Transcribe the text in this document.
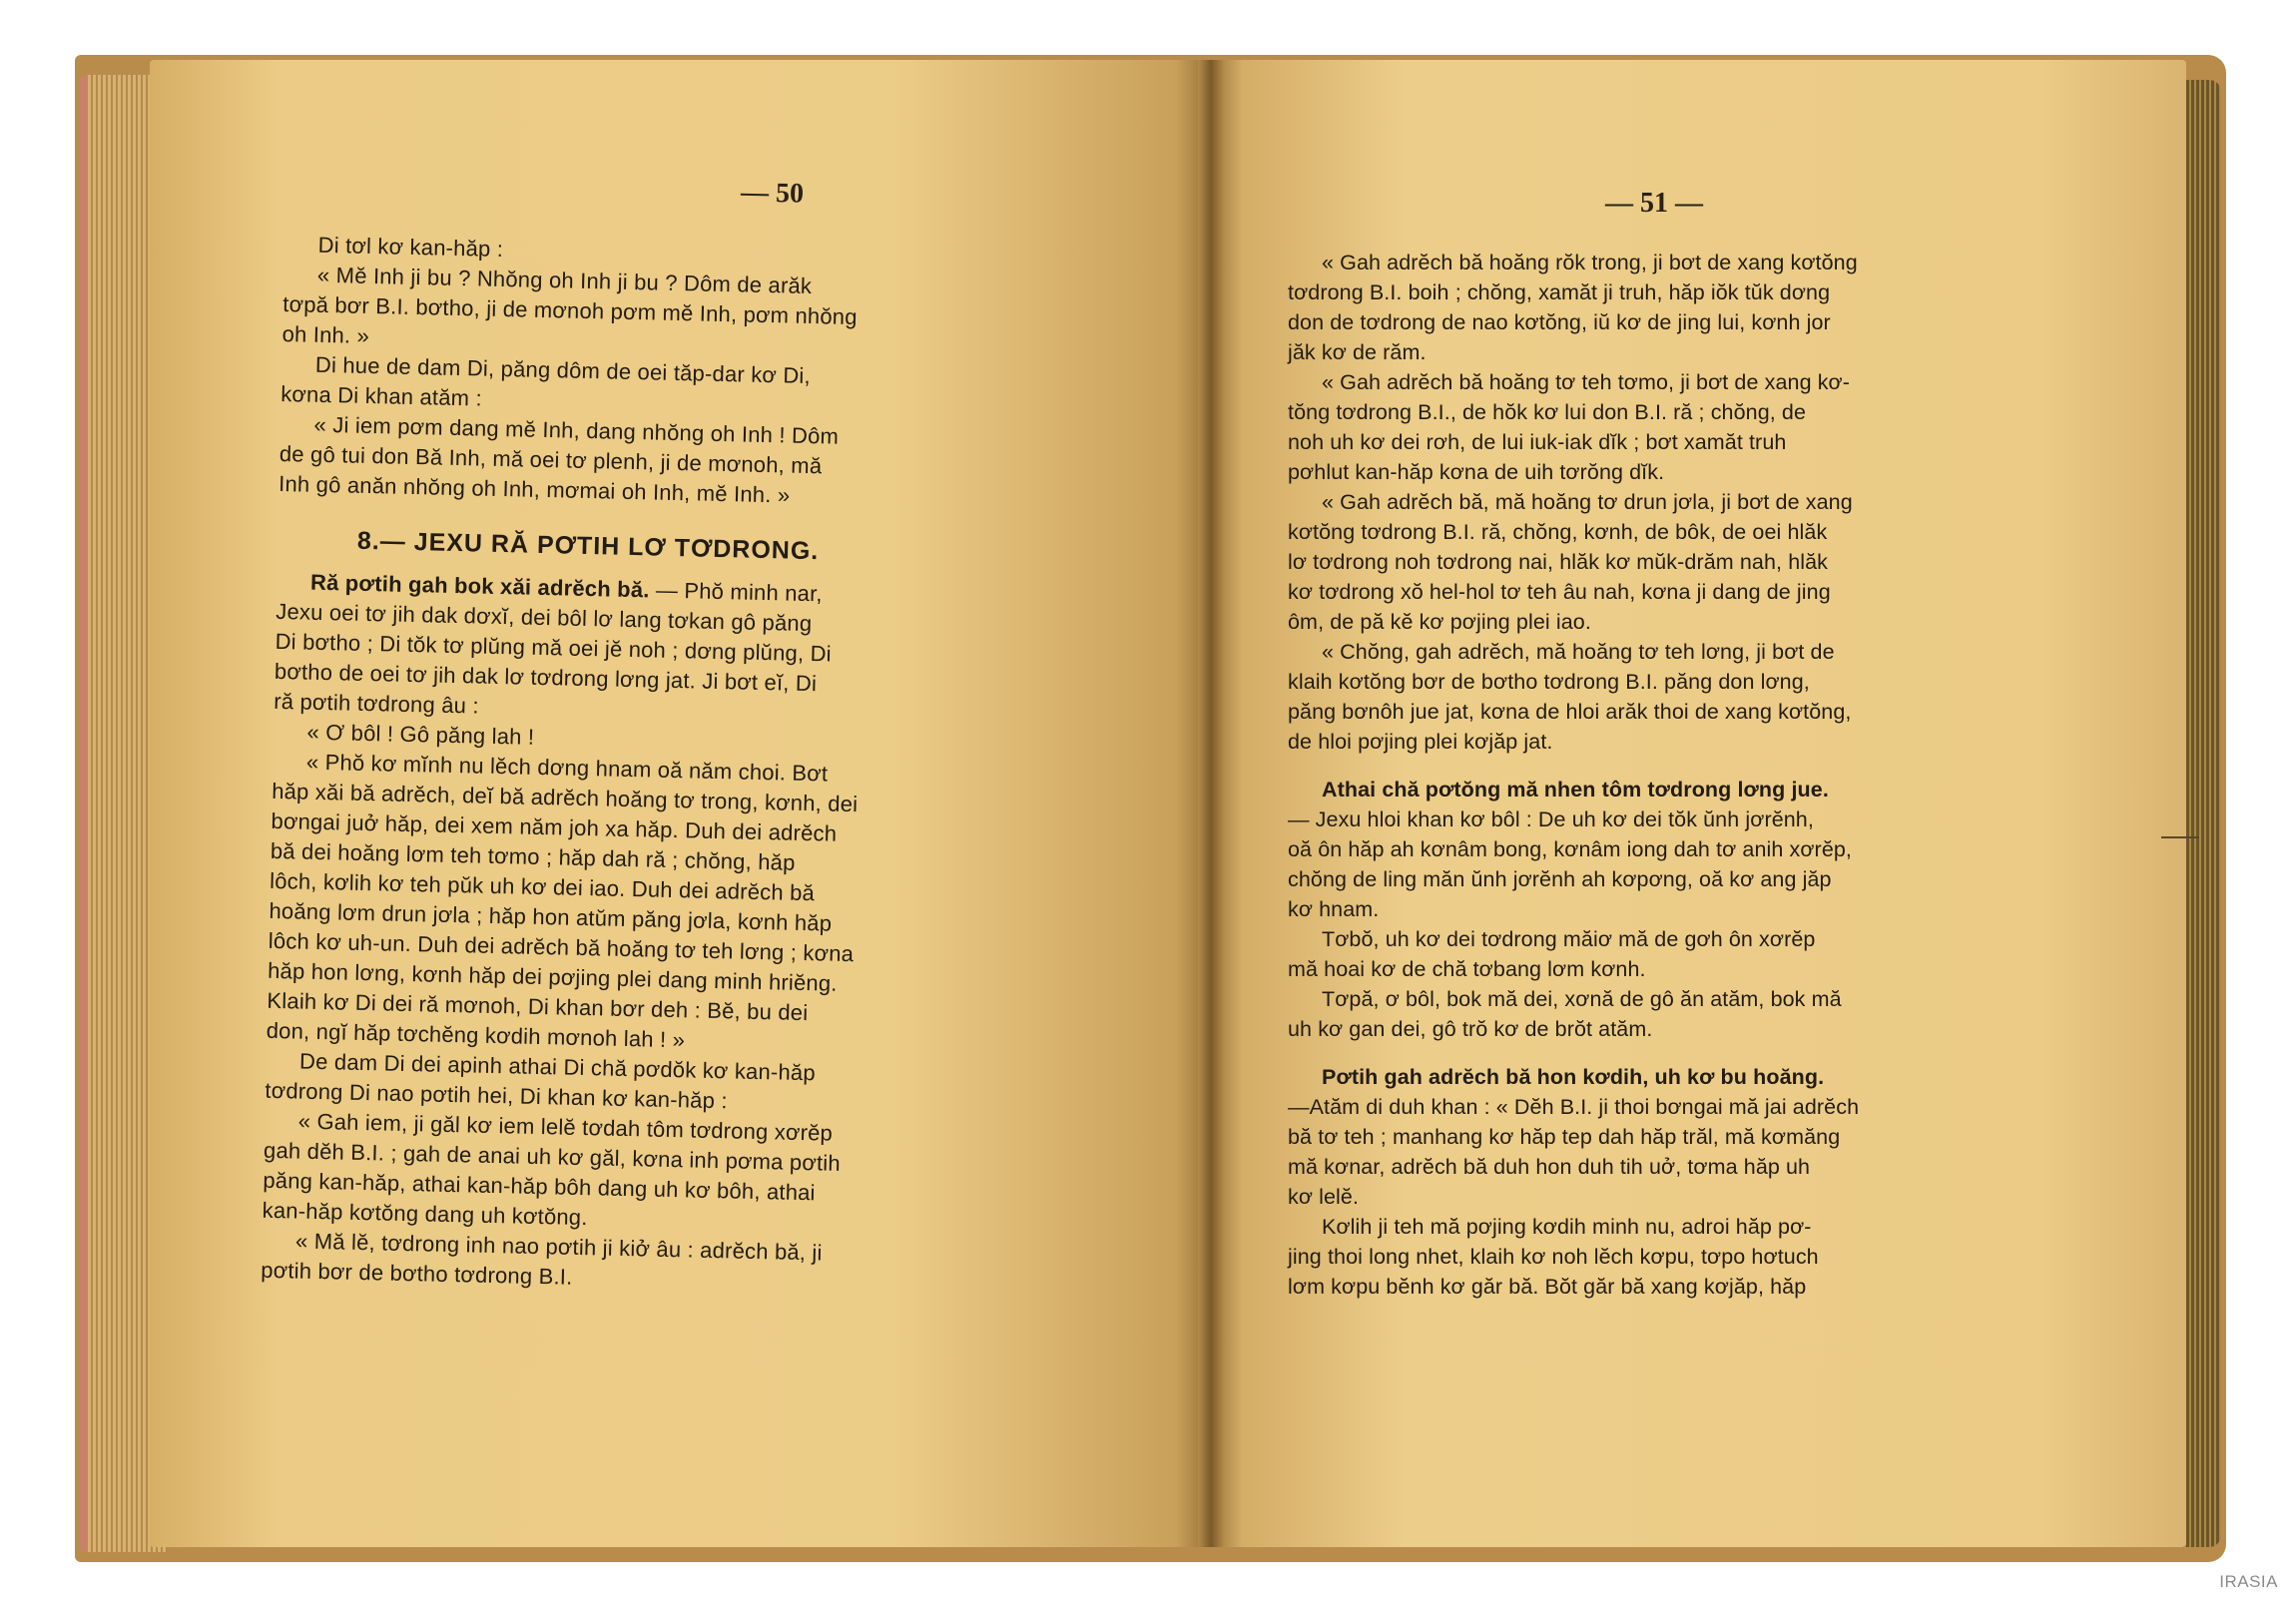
— 50	— 51 —
Di tơl kơ kan-hăp :
« Mĕ Inh ji bu ? Nhŏng oh Inh ji bu ? Dôm de arăk
tơpă bơr B.I. bơtho, ji de mơnoh pơm mĕ Inh, pơm nhŏng
oh Inh. »
Di hue de dam Di, păng dôm de oei tăp-dar kơ Di,
kơna Di khan atăm :
« Ji iem pơm dang mĕ Inh, dang nhŏng oh Inh ! Dôm
de gô tui don Bă Inh, mă oei tơ plenh, ji de mơnoh, mă
Inh gô anăn nhŏng oh Inh, mơmai oh Inh, mĕ Inh. »
8.— JEXU RĂ PƠTIH LƠ TƠDRONG.
Ră pơtih gah bok xăi adrĕch bă. — Phŏ minh nar,
Jexu oei tơ jih dak dơxĭ, dei bôl lơ lang tơkan gô păng
Di bơtho ; Di tŏk tơ plŭng mă oei jĕ noh ; dơng plŭng, Di
bơtho de oei tơ jih dak lơ tơdrong lơng jat. Ji bơt eĭ, Di
ră pơtih tơdrong âu :
« Ơ bôl ! Gô păng lah !
« Phŏ kơ mĭnh nu lĕch dơng hnam oă năm choi. Bơt
hăp xăi bă adrĕch, deĭ bă adrĕch hoăng tơ trong, kơnh, dei
bơngai juở hăp, dei xem năm joh xa hăp. Duh dei adrĕch
bă dei hoăng lơm teh tơmo ; hăp dah ră ; chŏng, hăp
lôch, kơlih kơ teh pŭk uh kơ dei iao. Duh dei adrĕch bă
hoăng lơm drun jơla ; hăp hon atŭm păng jơla, kơnh hăp
lôch kơ uh-un. Duh dei adrĕch bă hoăng tơ teh lơng ; kơna
hăp hon lơng, kơnh hăp dei pơjing plei dang minh hriĕng.
Klaih kơ Di dei ră mơnoh, Di khan bơr deh : Bĕ, bu dei
don, ngĭ hăp tơchĕng kơdih mơnoh lah ! »
De dam Di dei apinh athai Di chă pơdŏk kơ kan-hăp
tơdrong Di nao pơtih hei, Di khan kơ kan-hăp :
« Gah iem, ji găl kơ iem lelĕ tơdah tôm tơdrong xơrĕp
gah dĕh B.I. ; gah de anai uh kơ găl, kơna inh pơma pơtih
păng kan-hăp, athai kan-hăp bôh dang uh kơ bôh, athai
kan-hăp kơtŏng dang uh kơtŏng.
« Mă lĕ, tơdrong inh nao pơtih ji kiở âu : adrĕch bă, ji
pơtih bơr de bơtho tơdrong B.I.
« Gah adrĕch bă hoăng rŏk trong, ji bơt de xang kơtŏng
tơdrong B.I. boih ; chŏng, xamăt ji truh, hăp iŏk tŭk dơng
don de tơdrong de nao kơtŏng, iŭ kơ de jing lui, kơnh jor
jăk kơ de răm.
« Gah adrĕch bă hoăng tơ teh tơmo, ji bơt de xang kơ-
tŏng tơdrong B.I., de hŏk kơ lui don B.I. ră ; chŏng, de
noh uh kơ dei rơh, de lui iuk-iak dĭk ; bơt xamăt truh
pơhlut kan-hăp kơna de uih tơrŏng dĭk.
« Gah adrĕch bă, mă hoăng tơ drun jơla, ji bơt de xang
kơtŏng tơdrong B.I. ră, chŏng, kơnh, de bôk, de oei hlăk
lơ tơdrong noh tơdrong nai, hlăk kơ mŭk-drăm nah, hlăk
kơ tơdrong xŏ hel-hol tơ teh âu nah, kơna ji dang de jing
ôm, de pă kĕ kơ pơjing plei iao.
« Chŏng, gah adrĕch, mă hoăng tơ teh lơng, ji bơt de
klaih kơtŏng bơr de bơtho tơdrong B.I. păng don lơng,
păng bơnôh jue jat, kơna de hloi arăk thoi de xang kơtŏng,
de hloi pơjing plei kơjăp jat.
Athai chă pơtŏng mă nhen tôm tơdrong lơng jue.
— Jexu hloi khan kơ bôl : De uh kơ dei tŏk ŭnh jơrĕnh,
oă ôn hăp ah kơnâm bong, kơnâm iong dah tơ anih xơrĕp,
chŏng de ling măn ŭnh jơrĕnh ah kơpơng, oă kơ ang jăp
kơ hnam.
Tơbŏ, uh kơ dei tơdrong măiơ mă de gơh ôn xơrĕp
mă hoai kơ de chă tơbang lơm kơnh.
Tơpă, ơ bôl, bok mă dei, xơnă de gô ăn atăm, bok mă
uh kơ gan dei, gô trŏ kơ de brŏt atăm.
Pơtih gah adrĕch bă hon kơdih, uh kơ bu hoăng.
—Atăm di duh khan : « Dĕh B.I. ji thoi bơngai mă jai adrĕch
bă tơ teh ; manhang kơ hăp tep dah hăp trăl, mă kơmăng
mă kơnar, adrĕch bă duh hon duh tih uở, tơma hăp uh
kơ lelĕ.
Kơlih ji teh mă pơjing kơdih minh nu, adroi hăp pơ-
jing thoi long nhet, klaih kơ noh lĕch kơpu, tơpo hơtuch
lơm kơpu bĕnh kơ găr bă. Bŏt găr bă xang kơjăp, hăp
IRASIA
